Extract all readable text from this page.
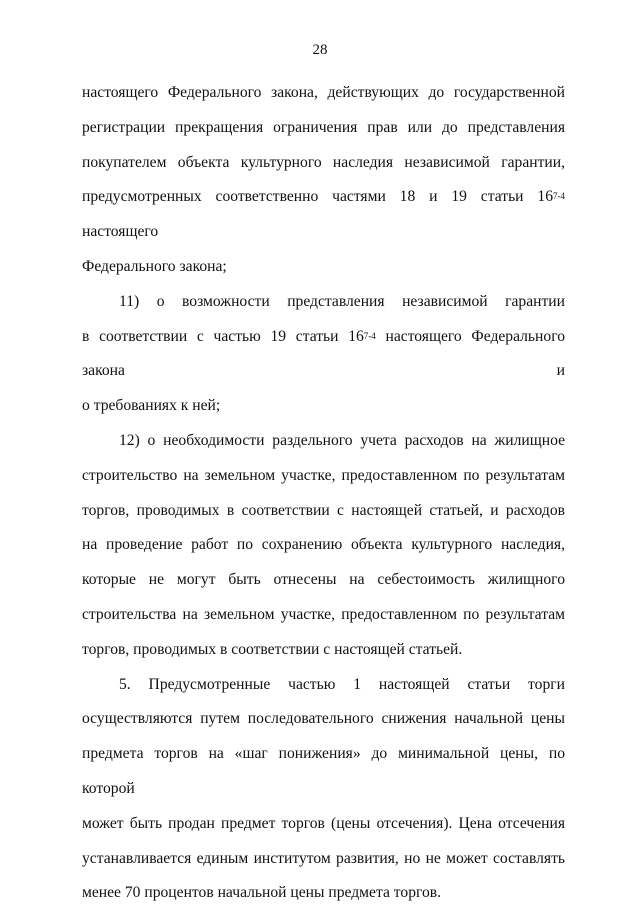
28

настоящего Федерального закона, действующих до государственной

регистрации прекращения ограничения прав или до представления

покупателем объекта культурного наследия независимой гарантии,

предусмотренных соответственно частями 18 и 19 статьи 16$^{7-4}$ настоящего

Федерального закона;

11) о возможности представления независимой гарантии

в соответствии с частью 19 статьи 16$^{7-4}$ настоящего Федерального закона и

о требованиях к ней;

12) о необходимости раздельного учета расходов на жилищное

строительство на земельном участке, предоставленном по результатам

торгов, проводимых в соответствии с настоящей статьей, и расходов

на проведение работ по сохранению объекта культурного наследия,

которые не могут быть отнесены на себестоимость жилищного

строительства на земельном участке, предоставленном по результатам

торгов, проводимых в соответствии с настоящей статьей.

5. Предусмотренные частью 1 настоящей статьи торги

осуществляются путем последовательного снижения начальной цены

предмета торгов на «шаг понижения» до минимальной цены, по которой

может быть продан предмет торгов (цены отсечения). Цена отсечения

устанавливается единым институтом развития, но не может составлять

менее 70 процентов начальной цены предмета торгов.
